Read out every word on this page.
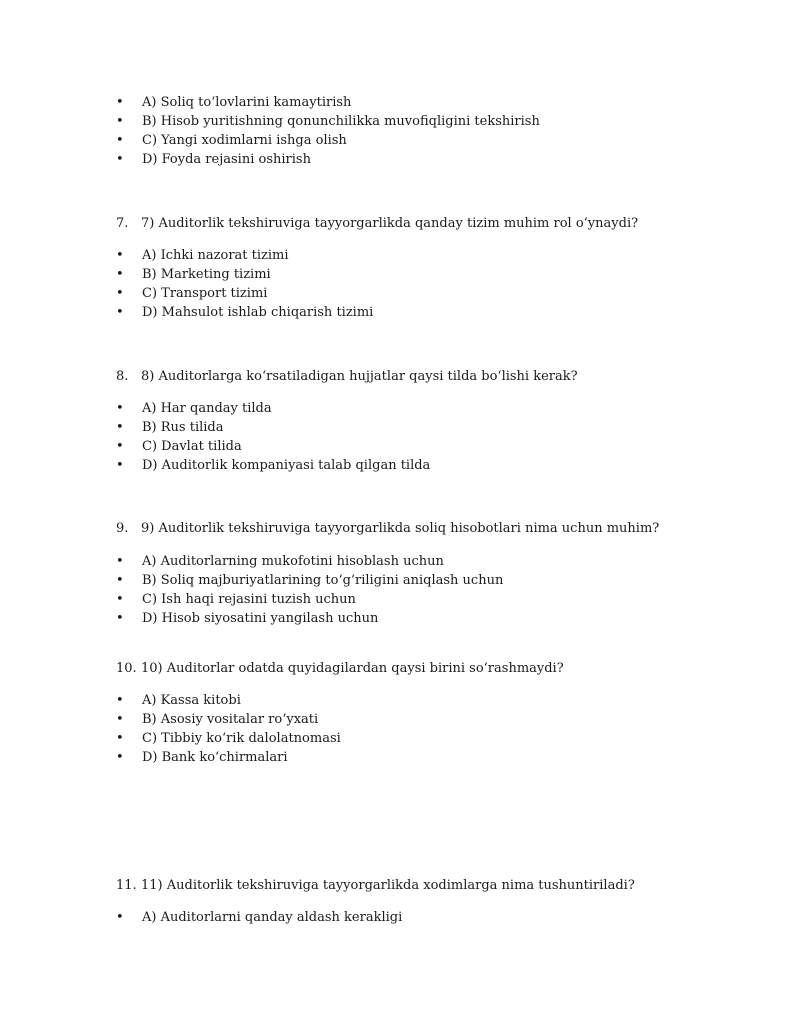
• A) Soliq to‘lovlarini kamaytirish
• B) Hisob yuritishning qonunchilikka muvofiqligini tekshirish
• C) Yangi xodimlarni ishga olish
• D) Foyda rejasini oshirish
7. 7) Auditorlik tekshiruviga tayyorgarlikda qanday tizim muhim rol o‘ynaydi?
• A) Ichki nazorat tizimi
• B) Marketing tizimi
• C) Transport tizimi
• D) Mahsulot ishlab chiqarish tizimi
8. 8) Auditorlarga ko‘rsatiladigan hujjatlar qaysi tilda bo‘lishi kerak?
• A) Har qanday tilda
• B) Rus tilida
• C) Davlat tilida
• D) Auditorlik kompaniyasi talab qilgan tilda
9. 9) Auditorlik tekshiruviga tayyorgarlikda soliq hisobotlari nima uchun muhim?
• A) Auditorlarning mukofotini hisoblash uchun
• B) Soliq majburiyatlarining to‘g‘riligini aniqlash uchun
• C) Ish haqi rejasini tuzish uchun
• D) Hisob siyosatini yangilash uchun
10. 10) Auditorlar odatda quyidagilardan qaysi birini so‘rashmaydi?
• A) Kassa kitobi
• B) Asosiy vositalar ro‘yxati
• C) Tibbiy ko‘rik dalolatnomasi
• D) Bank ko‘chirmalari
11. 11) Auditorlik tekshiruviga tayyorgarlikda xodimlarga nima tushuntiriladi?
• A) Auditorlarni qanday aldash kerakligi
